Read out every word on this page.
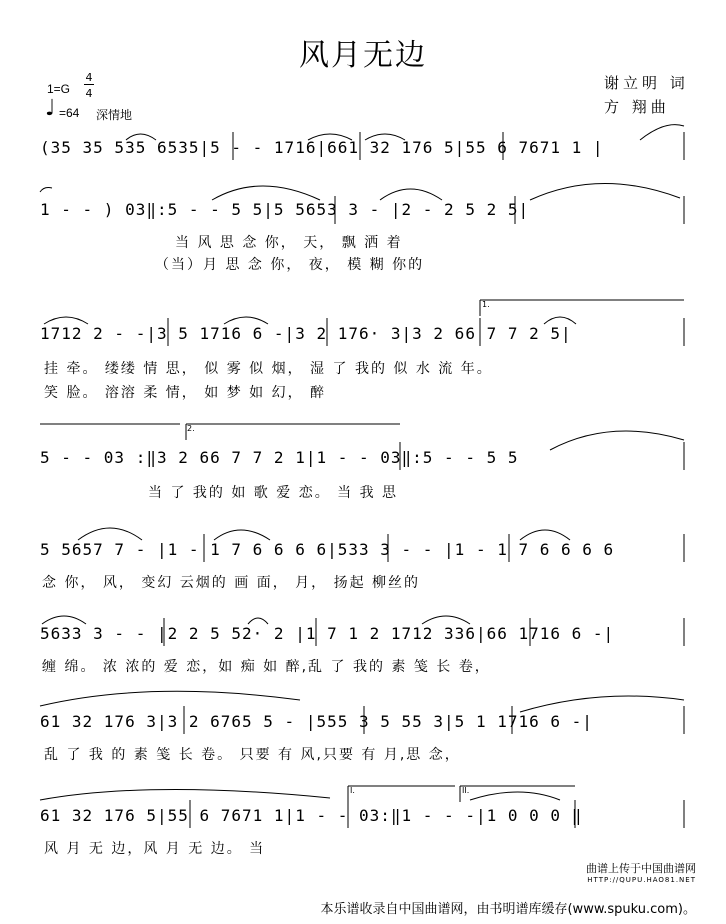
风月无边
谢立明 词
方 翔曲
1=G
4
4
♩ =64 深情地
(35 35 535 6535|5 - - 1716|661 32 176 5|55 6 7671 1 |
1 - - ) 03‖:5 - - 5 5|5 5653 3 - |2 - 2 5 2 5|
当 风 思 念 你， 天， 飘 洒 着
（当）月 思 念 你， 夜， 模 糊 你的
1712 2 - -|3 5 1716 6 -|3 2 176· 3|3 2 66 7 7 2 5|
挂 牵。 缕缕 情 思， 似 雾 似 烟， 湿 了 我的 似 水 流 年。
笑 脸。 溶溶 柔 情， 如 梦 如 幻， 醉
1.
5 - - 03 :‖3 2 66 7 7 2 1|1 - - 03‖:5 - - 5 5
当 了 我的 如 歌 爱 恋。 当 我 思
2.
5 5657 7 - |1 - 1 7 6 6 6 6|533 3 - - |1 - 1 7 6 6 6 6
念 你， 风， 变幻 云烟的 画 面， 月， 扬起 柳丝的
5633 3 - - |2 2 5 52· 2 |1 7 1 2 1712 336|66 1716 6 -|
缠 绵。 浓 浓的 爱 恋，如 痴 如 醉,乱 了 我的 素 笺 长 卷，
61 32 176 3|3 2 6765 5 - |555 3 5 55 3|5 1 1716 6 -|
乱 了 我 的 素 笺 长 卷。 只要 有 风,只要 有 月,思 念，
61 32 176 5|55 6 7671 1|1 - - 03:‖1 - - -|1 0 0 0 ‖
风 月 无 边，风 月 无 边。 当
I.	II.
曲谱上传于中国曲谱网
HTTP://QUPU.HAO81.NET
本乐谱收录自中国曲谱网，由书明谱库缓存(www.spuku.com)。
